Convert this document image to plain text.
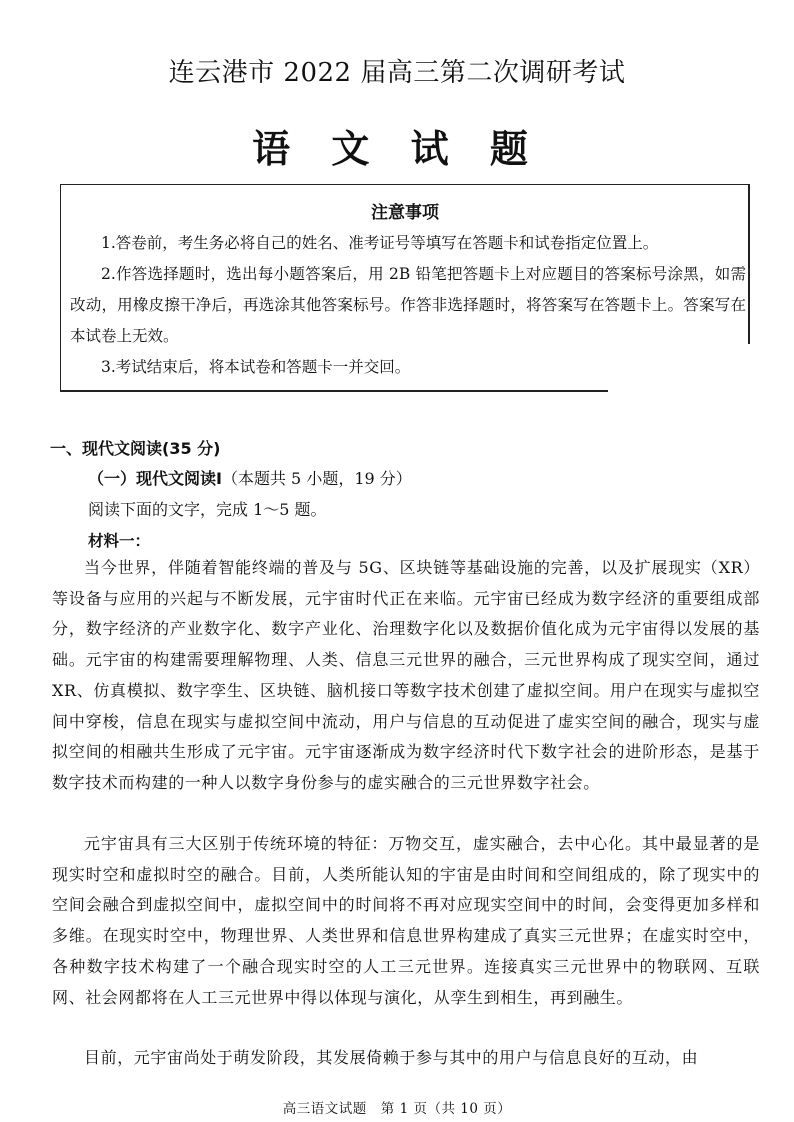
连云港市 2022 届高三第二次调研考试
语 文 试 题
注意事项
1.答卷前，考生务必将自己的姓名、准考证号等填写在答题卡和试卷指定位置上。
2.作答选择题时，选出每小题答案后，用 2B 铅笔把答题卡上对应题目的答案标号涂黑，如需改动，用橡皮擦干净后，再选涂其他答案标号。作答非选择题时，将答案写在答题卡上。答案写在本试卷上无效。
3.考试结束后，将本试卷和答题卡一并交回。
一、现代文阅读(35 分)
（一）现代文阅读Ⅰ（本题共 5 小题，19 分）
阅读下面的文字，完成 1～5 题。
材料一：
当今世界，伴随着智能终端的普及与 5G、区块链等基础设施的完善，以及扩展现实（XR）等设备与应用的兴起与不断发展，元宇宙时代正在来临。元宇宙已经成为数字经济的重要组成部分，数字经济的产业数字化、数字产业化、治理数字化以及数据价值化成为元宇宙得以发展的基础。元宇宙的构建需要理解物理、人类、信息三元世界的融合，三元世界构成了现实空间，通过 XR、仿真模拟、数字孪生、区块链、脑机接口等数字技术创建了虚拟空间。用户在现实与虚拟空间中穿梭，信息在现实与虚拟空间中流动，用户与信息的互动促进了虚实空间的融合，现实与虚拟空间的相融共生形成了元宇宙。元宇宙逐渐成为数字经济时代下数字社会的进阶形态，是基于数字技术而构建的一种人以数字身份参与的虚实融合的三元世界数字社会。
元宇宙具有三大区别于传统环境的特征：万物交互，虚实融合，去中心化。其中最显著的是现实时空和虚拟时空的融合。目前，人类所能认知的宇宙是由时间和空间组成的，除了现实中的空间会融合到虚拟空间中，虚拟空间中的时间将不再对应现实空间中的时间，会变得更加多样和多维。在现实时空中，物理世界、人类世界和信息世界构建成了真实三元世界；在虚实时空中，各种数字技术构建了一个融合现实时空的人工三元世界。连接真实三元世界中的物联网、互联网、社会网都将在人工三元世界中得以体现与演化，从孪生到相生，再到融生。
目前，元宇宙尚处于萌发阶段，其发展倚赖于参与其中的用户与信息良好的互动，由
高三语文试题　第 1 页（共 10 页）
